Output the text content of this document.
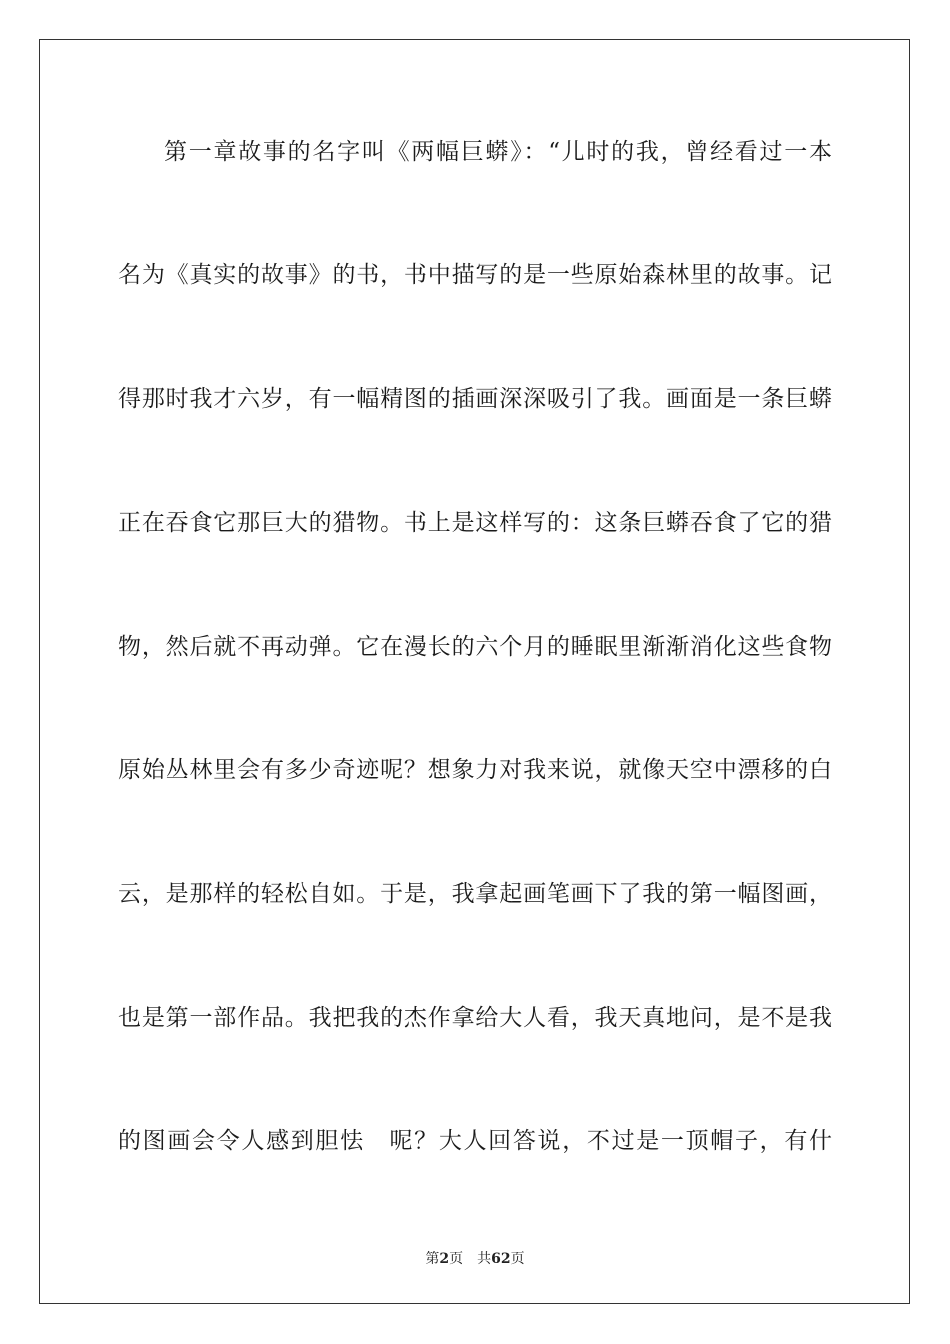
第一章故事的名字叫《两幅巨蟒》：“儿时的我，曾经看过一本
名为《真实的故事》的书，书中描写的是一些原始森林里的故事。记
得那时我才六岁，有一幅精图的插画深深吸引了我。画面是一条巨蟒
正在吞食它那巨大的猎物。书上是这样写的：这条巨蟒吞食了它的猎
物，然后就不再动弹。它在漫长的六个月的睡眠里渐渐消化这些食物
原始丛林里会有多少奇迹呢？想象力对我来说，就像天空中漂移的白
云，是那样的轻松自如。于是，我拿起画笔画下了我的第一幅图画，
也是第一部作品。我把我的杰作拿给大人看，我天真地问，是不是我
的图画会令人感到胆怯　呢？大人回答说，不过是一顶帽子，有什
第2页　共62页
